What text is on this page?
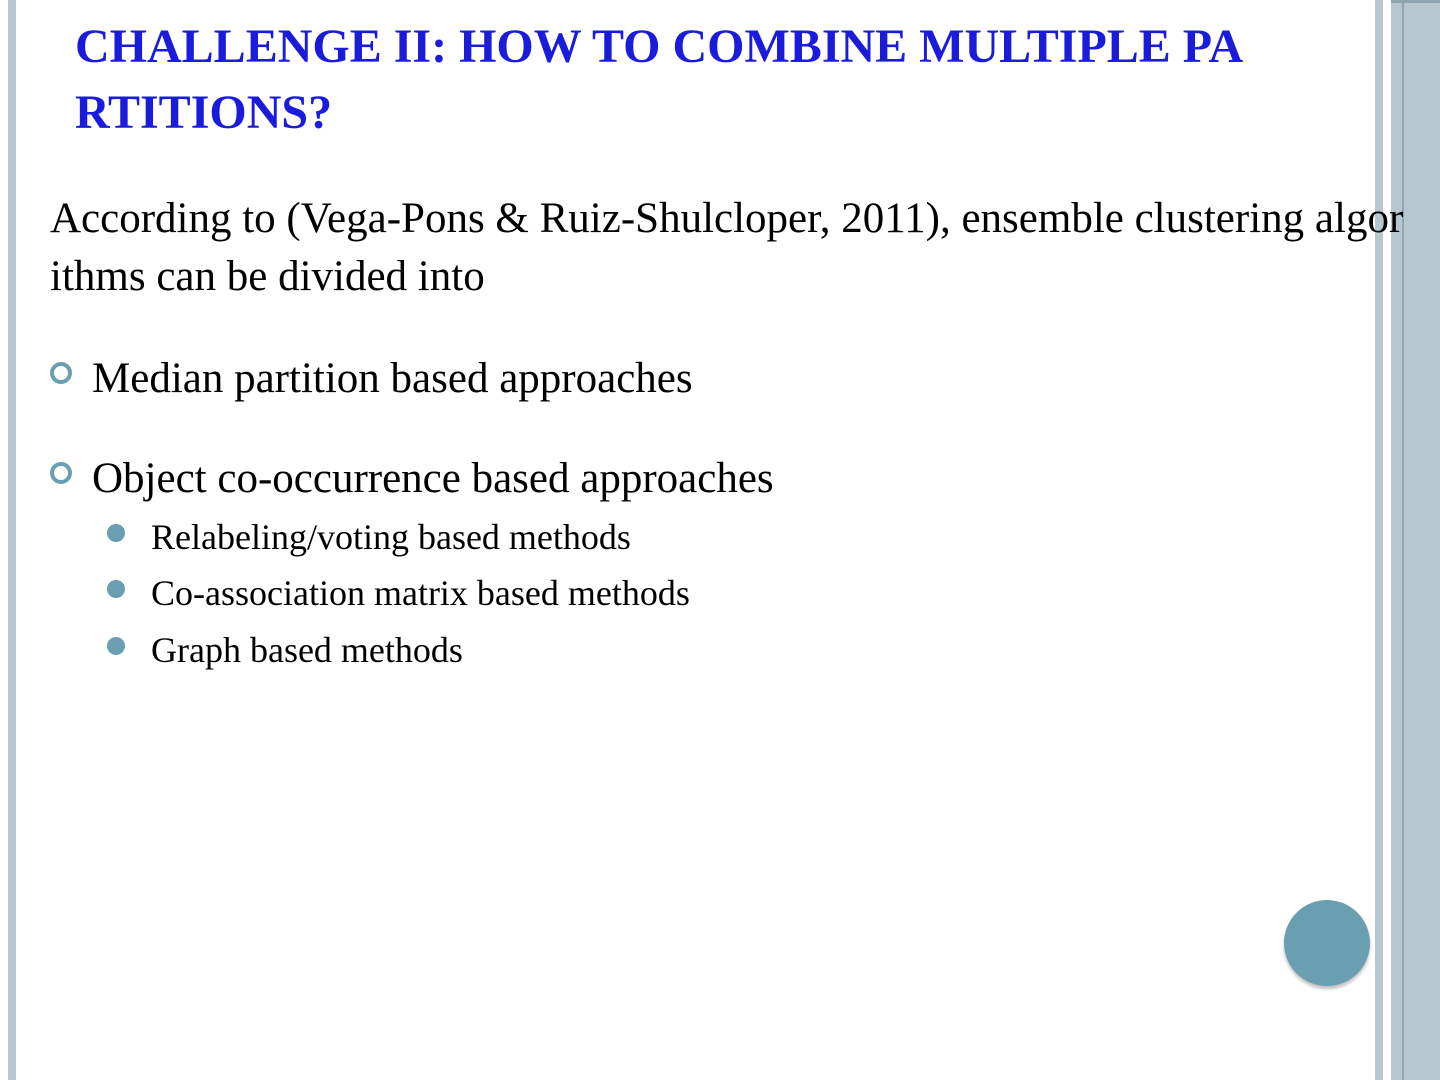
CHALLENGE II: HOW TO COMBINE MULTIPLE PARTITIONS?

According to (Vega-Pons & Ruiz-Shulcloper, 2011), ensemble clustering algorithms can be divided into

Median partition based approaches
Object co-occurrence based approaches
Relabeling/voting based methods
Co-association matrix based methods
Graph based methods
